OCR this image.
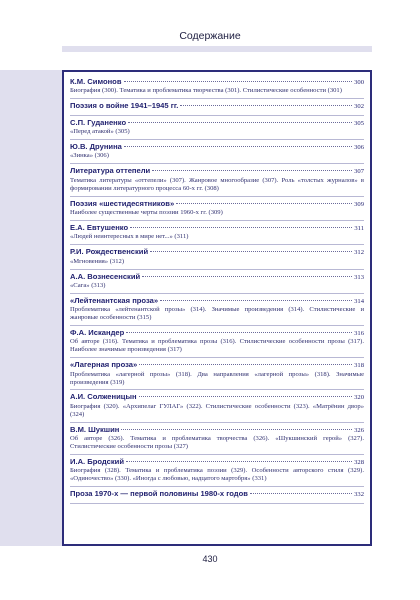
Содержание
К.М. Симонов	300
Биография (300). Тематика и проблематика творчества (301). Стилистические особенности (301)
Поэзия о войне 1941–1945 гг.	302
С.П. Гуданенко	305
«Перед атакой» (305)
Ю.В. Друнина	306
«Зинка» (306)
Литература оттепели	307
Тематика литературы «оттепели» (307). Жанровое многообразие (307). Роль «толстых журналов» в формировании литературного процесса 60-х гг. (308)
Поэзия «шестидесятников»	309
Наиболее существенные черты поэзии 1960-х гг. (309)
Е.А. Евтушенко	311
«Людей неинтересных в мире нет...» (311)
Р.И. Рождественский	312
«Мгновения» (312)
А.А. Вознесенский	313
«Сага» (313)
«Лейтенантская проза»	314
Проблематика «лейтенантской прозы» (314). Значимые произведения (314). Стилистические и жанровые особенности (315)
Ф.А. Искандер	316
Об авторе (316). Тематика и проблематика прозы (316). Стилистические особенности прозы (317). Наиболее значимые произведения (317)
«Лагерная проза»	318
Проблематика «лагерной прозы» (318). Два направления «лагерной прозы» (318). Значимые произведения (319)
А.И. Солженицын	320
Биография (320). «Архипелаг ГУЛАГ» (322). Стилистические особенности (323). «Матрёнин двор» (324)
В.М. Шукшин	326
Об авторе (326). Тематика и проблематика творчества (326). «Шукшинский герой» (327). Стилистические особенности прозы (327)
И.А. Бродский	328
Биография (328). Тематика и проблематика поэзии (329). Особенности авторского стиля (329). «Одиночество» (330). «Иногда с любовью, надцатого мартобря» (331)
Проза 1970-х — первой половины 1980-х годов	332
430
